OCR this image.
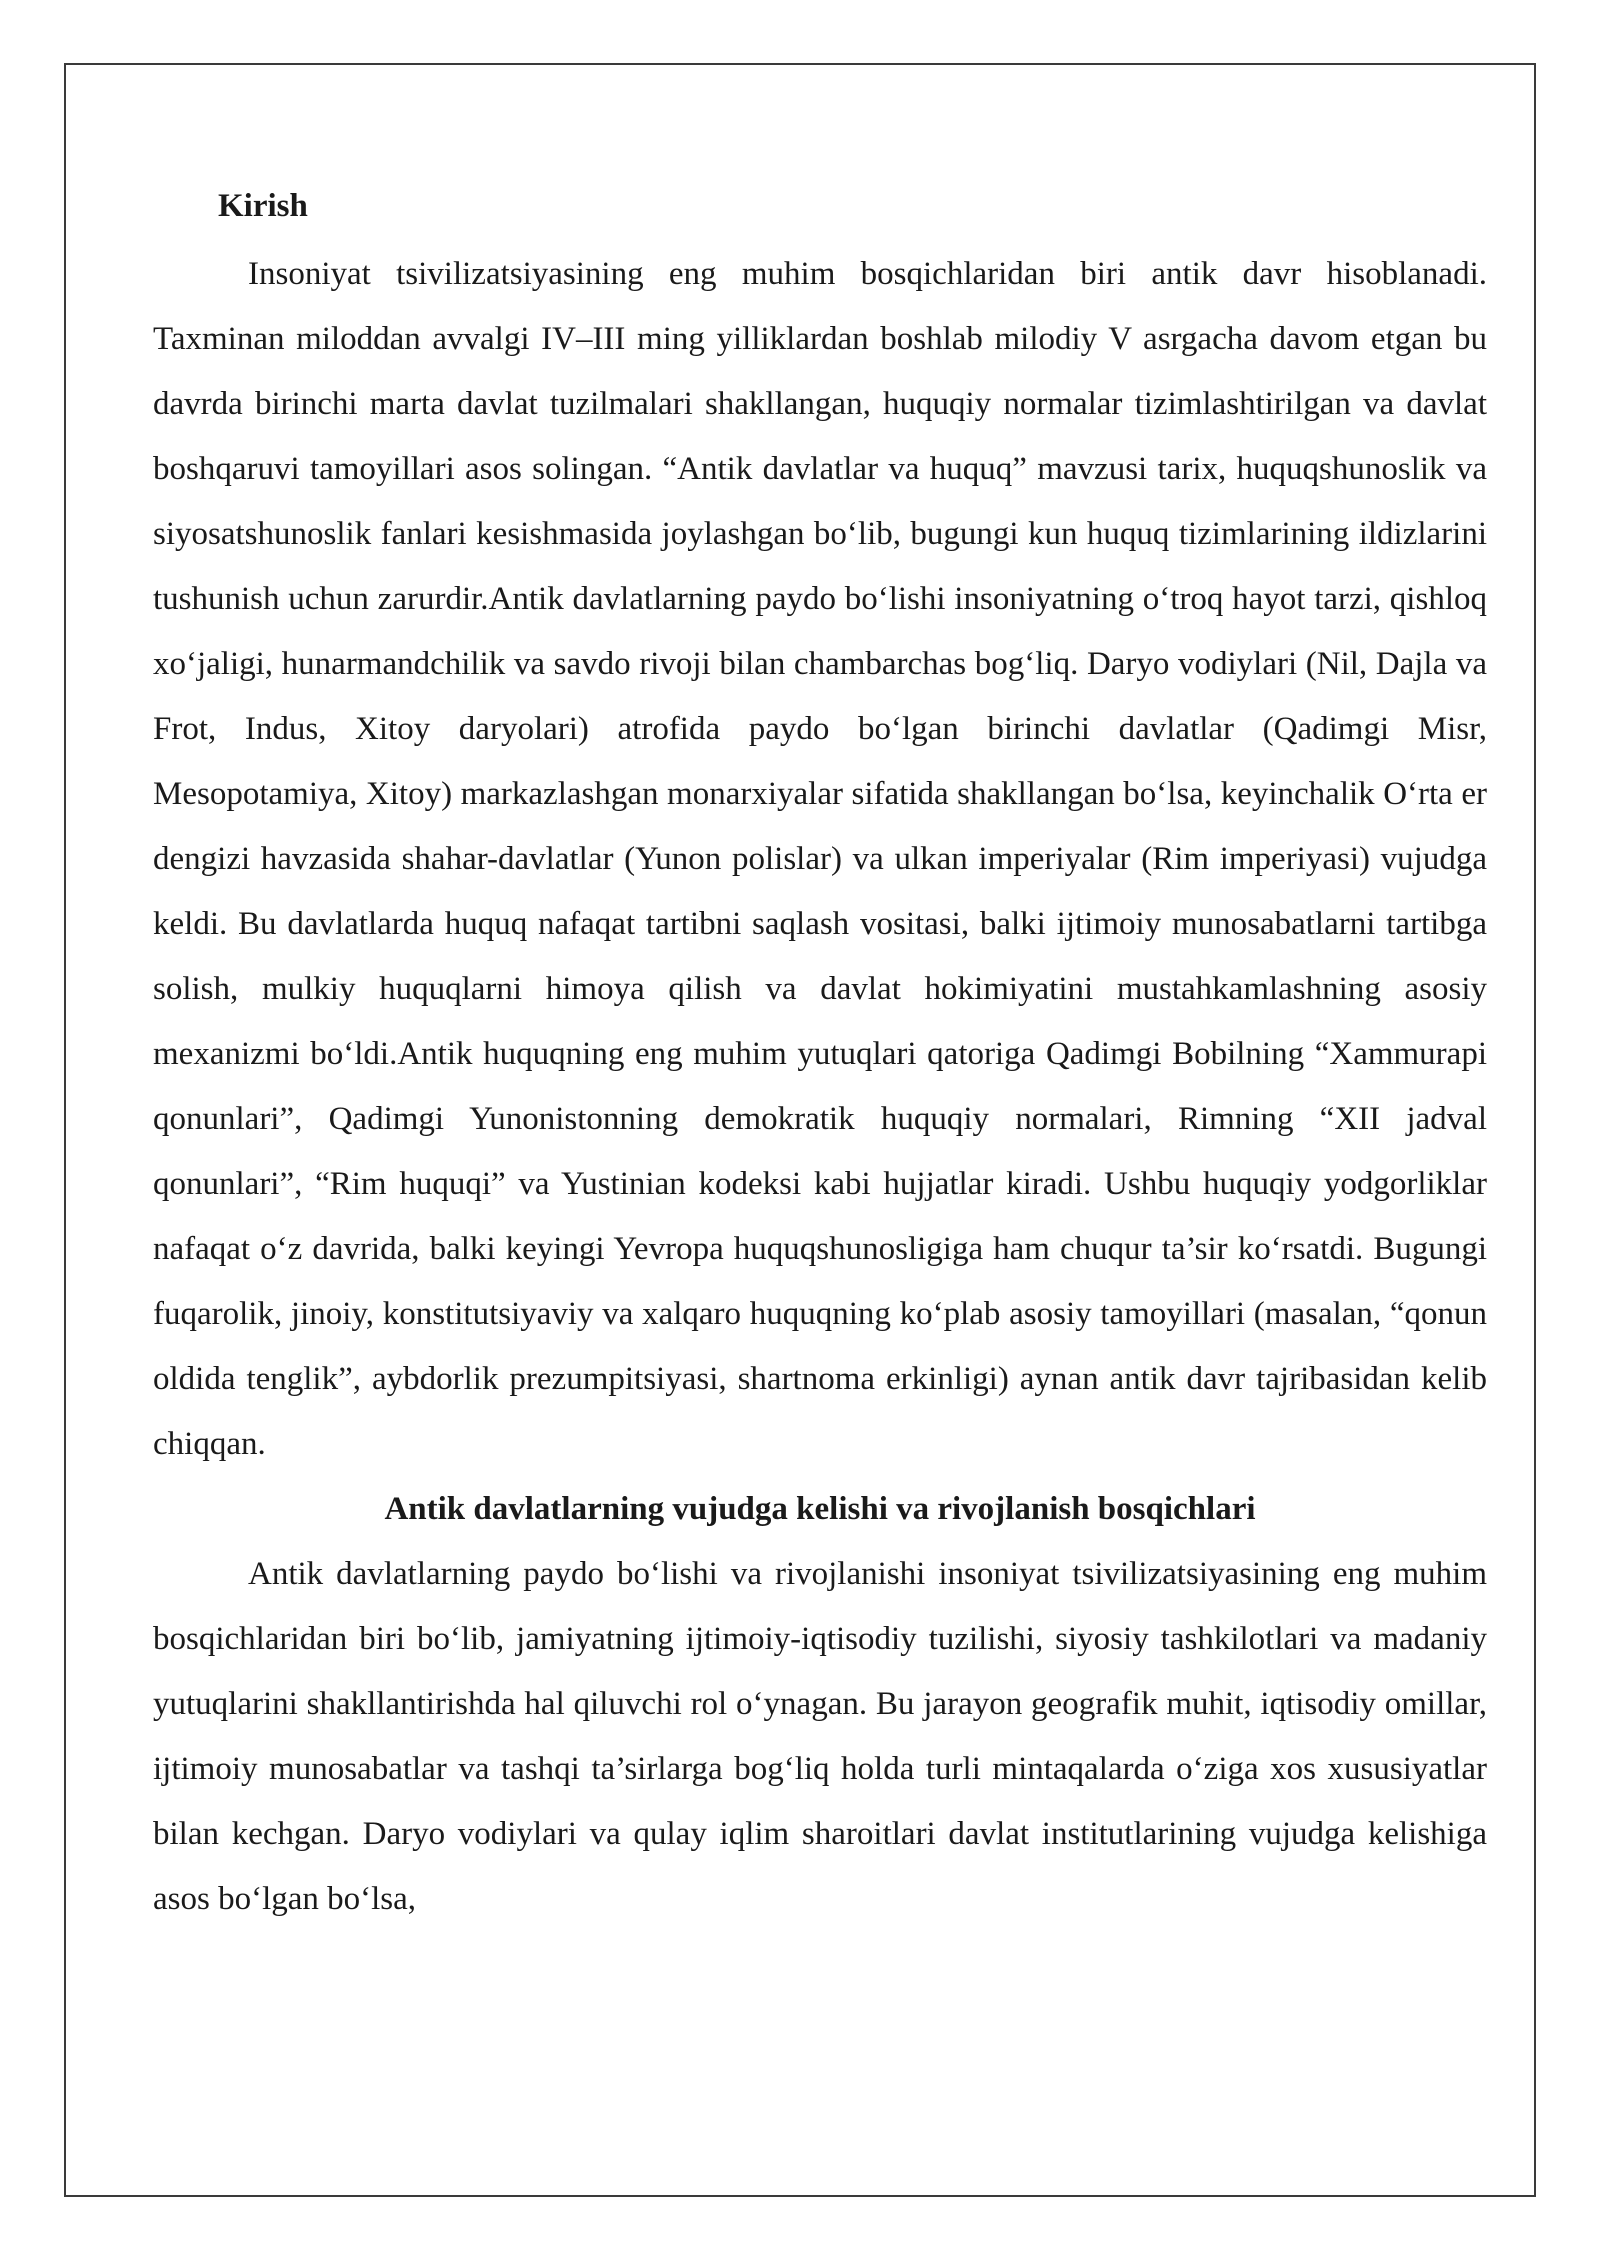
Kirish

Insoniyat tsivilizatsiyasining eng muhim bosqichlaridan biri antik davr hisoblanadi. Taxminan miloddan avvalgi IV–III ming yilliklardan boshlab milodiy V asrgacha davom etgan bu davrda birinchi marta davlat tuzilmalari shakllangan, huquqiy normalar tizimlashtirilgan va davlat boshqaruvi tamoyillari asos solingan. “Antik davlatlar va huquq” mavzusi tarix, huquqshunoslik va siyosatshunoslik fanlari kesishmasida joylashgan bo‘lib, bugungi kun huquq tizimlarining ildizlarini tushunish uchun zarurdir.Antik davlatlarning paydo bo‘lishi insoniyatning o‘troq hayot tarzi, qishloq xo‘jaligi, hunarmandchilik va savdo rivoji bilan chambarchas bog‘liq. Daryo vodiylari (Nil, Dajla va Frot, Indus, Xitoy daryolari) atrofida paydo bo‘lgan birinchi davlatlar (Qadimgi Misr, Mesopotamiya, Xitoy) markazlashgan monarxiyalar sifatida shakllangan bo‘lsa, keyinchalik O‘rta er dengizi havzasida shahar-davlatlar (Yunon polislar) va ulkan imperiyalar (Rim imperiyasi) vujudga keldi. Bu davlatlarda huquq nafaqat tartibni saqlash vositasi, balki ijtimoiy munosabatlarni tartibga solish, mulkiy huquqlarni himoya qilish va davlat hokimiyatini mustahkamlashning asosiy mexanizmi bo‘ldi.Antik huquqning eng muhim yutuqlari qatoriga Qadimgi Bobilning “Xammurapi qonunlari”, Qadimgi Yunonistonning demokratik huquqiy normalari, Rimning “XII jadval qonunlari”, “Rim huquqi” va Yustinian kodeksi kabi hujjatlar kiradi. Ushbu huquqiy yodgorliklar nafaqat o‘z davrida, balki keyingi Yevropa huquqshunosligiga ham chuqur ta’sir ko‘rsatdi. Bugungi fuqarolik, jinoiy, konstitutsiyaviy va xalqaro huquqning ko‘plab asosiy tamoyillari (masalan, “qonun oldida tenglik”, aybdorlik prezumpitsiyasi, shartnoma erkinligi) aynan antik davr tajribasidan kelib chiqqan.

Antik davlatlarning vujudga kelishi va rivojlanish bosqichlari

Antik davlatlarning paydo bo‘lishi va rivojlanishi insoniyat tsivilizatsiyasining eng muhim bosqichlaridan biri bo‘lib, jamiyatning ijtimoiy-iqtisodiy tuzilishi, siyosiy tashkilotlari va madaniy yutuqlarini shakllantirishda hal qiluvchi rol o‘ynagan. Bu jarayon geografik muhit, iqtisodiy omillar, ijtimoiy munosabatlar va tashqi ta’sirlarga bog‘liq holda turli mintaqalarda o‘ziga xos xususiyatlar bilan kechgan. Daryo vodiylari va qulay iqlim sharoitlari davlat institutlarining vujudga kelishiga asos bo‘lgan bo‘lsa,
